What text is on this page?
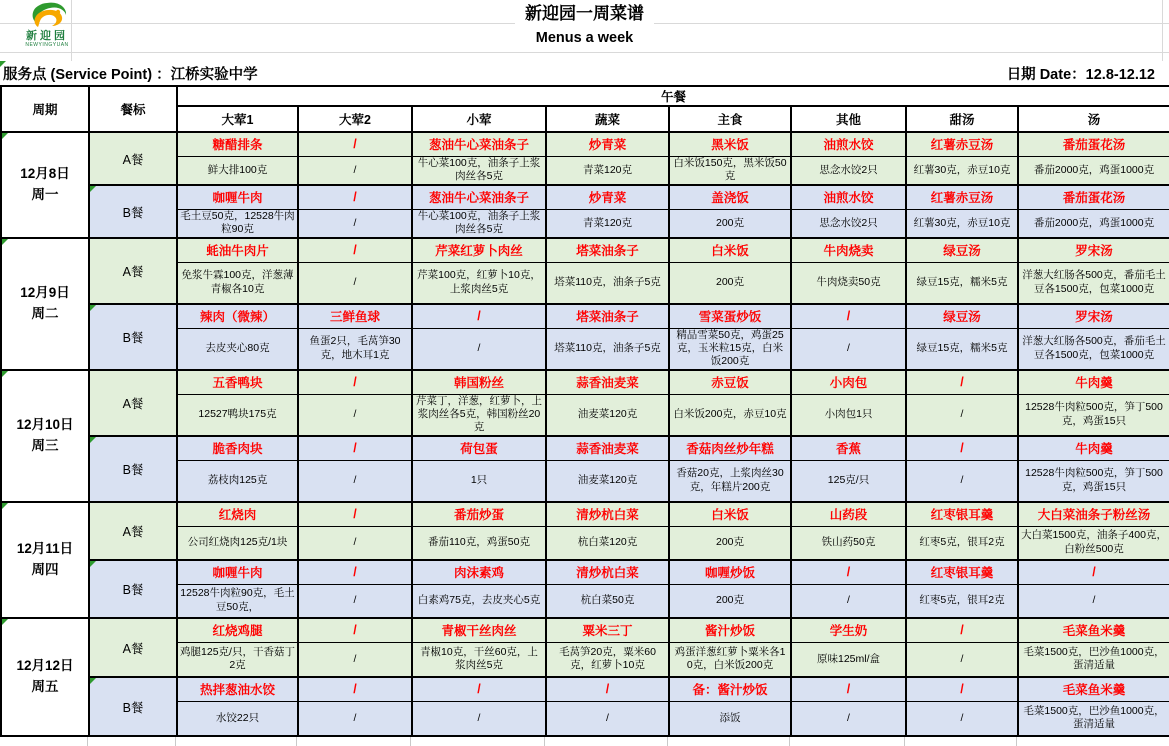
新迎园
NEWYINGYUAN
新迎园一周菜谱
Menus a week
服务点 (Service Point) ：江桥实验中学	日期 Date：12.8-12.12
周期	餐标	午餐							
		大荤1	大荤2	小荤	蔬菜	主食	其他	甜汤	汤

12月8日
周一	A餐	糖醋排条	/	葱油牛心菜油条子	炒青菜	黑米饭	油煎水饺	红薯赤豆汤	番茄蛋花汤
		鲜大排100克	/	牛心菜100克，油条子上浆肉丝各5克	青菜120克	白米饭150克，黑米饭50克	思念水饺2只	红薯30克，赤豆10克	番茄2000克，鸡蛋1000克
	B餐	咖喱牛肉	/	葱油牛心菜油条子	炒青菜	盖浇饭	油煎水饺	红薯赤豆汤	番茄蛋花汤
		毛土豆50克，12528牛肉粒90克	/	牛心菜100克，油条子上浆肉丝各5克	青菜120克	200克	思念水饺2只	红薯30克，赤豆10克	番茄2000克，鸡蛋1000克

12月9日
周二	A餐	蚝油牛肉片	/	芹菜红萝卜肉丝	塔菜油条子	白米饭	牛肉烧卖	绿豆汤	罗宋汤
		免浆牛霖100克，洋葱薄青椒各10克	/	芹菜100克，红萝卜10克，上浆肉丝5克	塔菜110克，油条子5克	200克	牛肉烧卖50克	绿豆15克，糯米5克	洋葱大红肠各500克，番茄毛土豆各1500克，包菜1000克
	B餐	辣肉（微辣）	三鲜鱼球	/	塔菜油条子	雪菜蛋炒饭	/	绿豆汤	罗宋汤
		去皮夹心80克	鱼蛋2只，毛莴笋30克，地木耳1克	/	塔菜110克，油条子5克	精品雪菜50克，鸡蛋25克，玉米粒15克，白米饭200克	/	绿豆15克，糯米5克	洋葱大红肠各500克，番茄毛土豆各1500克，包菜1000克

12月10日
周三	A餐	五香鸭块	/	韩国粉丝	蒜香油麦菜	赤豆饭	小肉包	/	牛肉羹
		12527鸭块175克	/	芹菜丁，洋葱，红萝卜，上浆肉丝各5克，韩国粉丝20克	油麦菜120克	白米饭200克，赤豆10克	小肉包1只	/	12528牛肉粒500克，笋丁500克，鸡蛋15只
	B餐	脆香肉块	/	荷包蛋	蒜香油麦菜	香菇肉丝炒年糕	香蕉	/	牛肉羹
		荔枝肉125克	/	1只	油麦菜120克	香菇20克，上浆肉丝30克，年糕片200克	125克/只	/	12528牛肉粒500克，笋丁500克，鸡蛋15只

12月11日
周四	A餐	红烧肉	/	番茄炒蛋	清炒杭白菜	白米饭	山药段	红枣银耳羹	大白菜油条子粉丝汤
		公司红烧肉125克/1块	/	番茄110克，鸡蛋50克	杭白菜120克	200克	铁山药50克	红枣5克，银耳2克	大白菜1500克，油条子400克，白粉丝500克
	B餐	咖喱牛肉	/	肉沫素鸡	清炒杭白菜	咖喱炒饭	/	红枣银耳羹	/
		12528牛肉粒90克，毛土豆50克，	/	白素鸡75克，去皮夹心5克	杭白菜50克	200克	/	红枣5克，银耳2克	/

12月12日
周五	A餐	红烧鸡腿	/	青椒干丝肉丝	粟米三丁	酱汁炒饭	学生奶	/	毛菜鱼米羹
		鸡腿125克/只，干香菇丁2克	/	青椒10克，干丝60克，上浆肉丝5克	毛莴笋20克，粟米60克，红萝卜10克	鸡蛋洋葱红萝卜粟米各10克，白米饭200克	原味125ml/盒	/	毛菜1500克，巴沙鱼1000克，蛋清适量
	B餐	热拌葱油水饺	/	/	/	备：酱汁炒饭	/	/	毛菜鱼米羹
		水饺22只	/	/	/	添饭	/	/	毛菜1500克，巴沙鱼1000克，蛋清适量
